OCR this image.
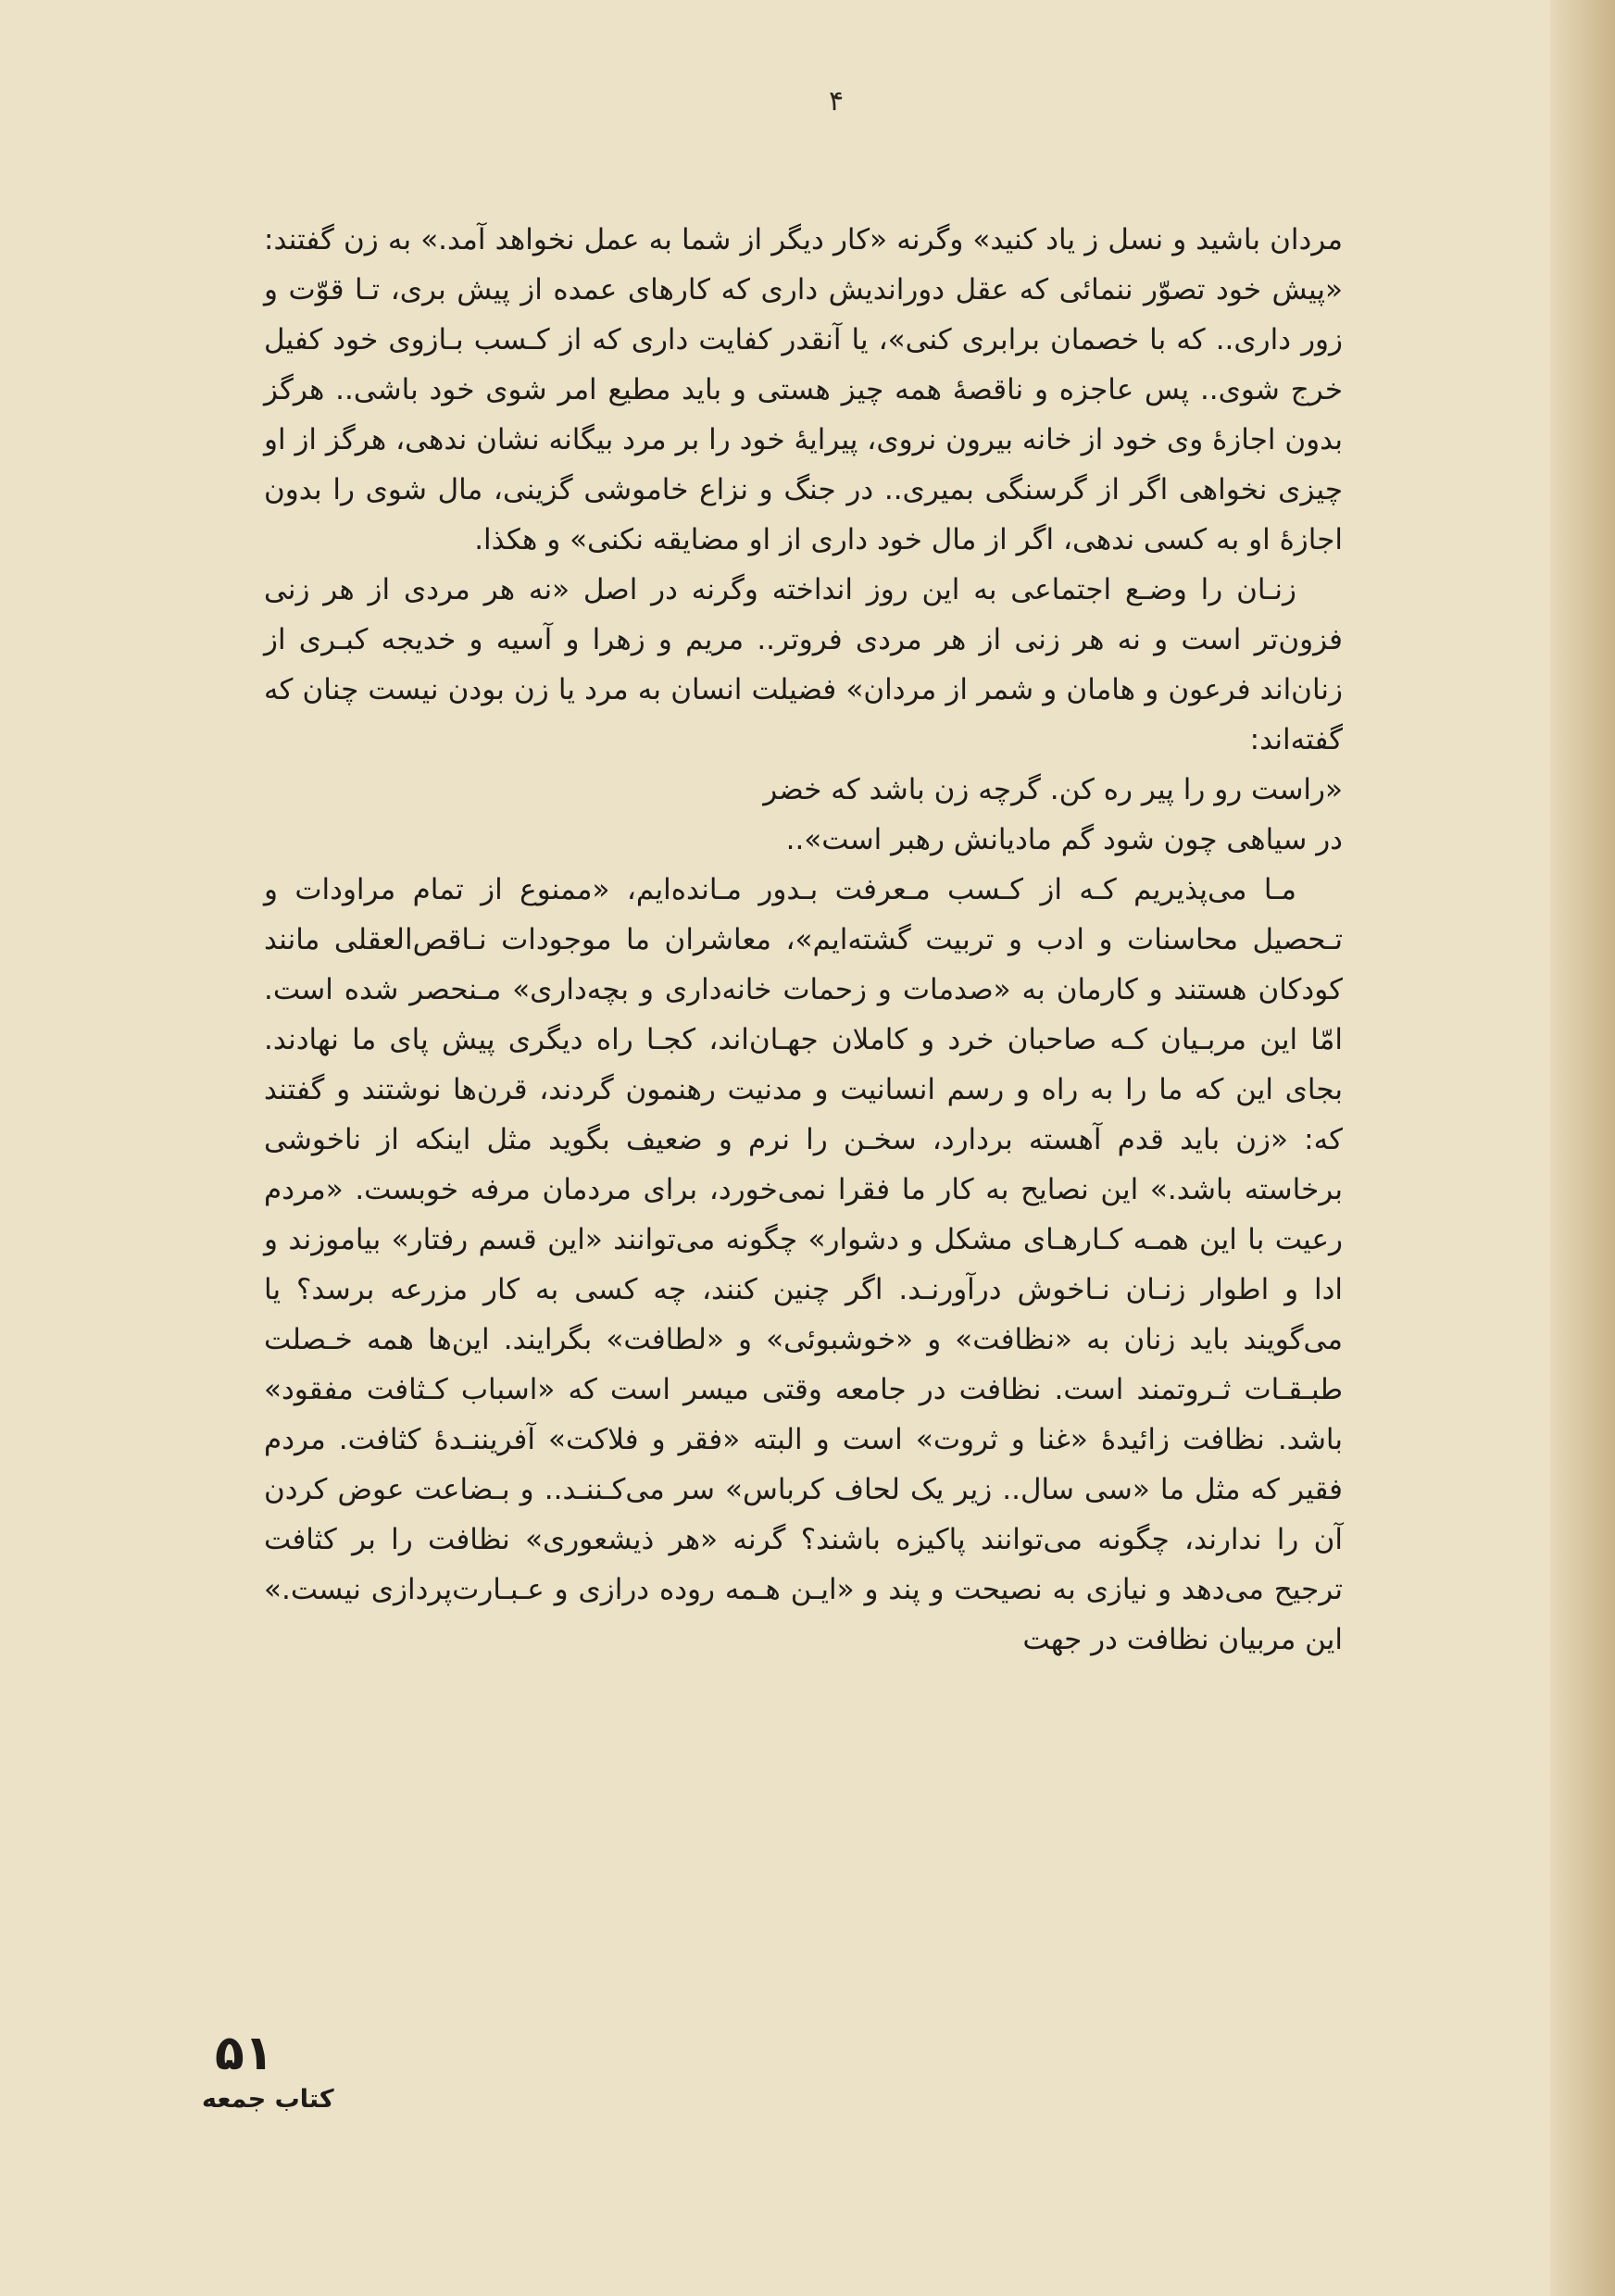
۴

مردان باشید و نسل ز یاد کنید» وگرنه «کار دیگر از شما به عمل نخواهد آمد.» به زن گفتند: «پیش خود تصوّر ننمائی که عقل دوراندیش داری که کارهای عمده از پیش بری، تـا قوّت و زور داری.. که با خصمان برابری کنی»، یا آنقدر کفایت داری که از کـسب بـازوی خود کفیل خرج شوی.. پس عاجزه و ناقصهٔ همه چیز هستی و باید مطیع امر شوی خود باشی.. هرگز بدون اجازهٔ وی خود از خانه بیرون نروی، پیرایهٔ خود را بر مرد بیگانه نشان ندهی، هرگز از او چیزی نخواهی اگر از گرسنگی بمیری.. در جنگ و نزاع خاموشی گزینی، مال شوی را بدون اجازهٔ او به کسی ندهی، اگر از مال خود داری از او مضایقه نکنی» و هکذا.

زنـان را وضـع اجتماعی به این روز انداخته وگرنه در اصل «نه هر مردی از هر زنی فزون‌تر است و نه هر زنی از هر مردی فروتر.. مریم و زهرا و آسیه و خدیجه کبـری از زنان‌اند فرعون و هامان و شمر از مردان» فضیلت انسان به مرد یا زن بودن نیست چنان که گفته‌اند:

«راست رو را پیر ره کن. گرچه زن باشد که خضر

در سیاهی چون شود گم مادیانش رهبر است»..

مـا می‌پذیریم کـه از کـسب مـعرفت بـدور مـانده‌ایم، «ممنوع از تمام مراودات و تـحصیل محاسنات و ادب و تربیت گشته‌ایم»، معاشران ما موجودات نـاقص‌العقلی مانند کودکان هستند و کارمان به «صدمات و زحمات خانه‌داری و بچه‌داری» مـنحصر شده است. امّا این مربـیان کـه صاحبان خرد و کاملان جهـان‌اند، کجـا راه دیگری پیش پای ما نهادند. بجای این که ما را به راه و رسم انسانیت و مدنیت رهنمون گردند، قرن‌ها نوشتند و گفتند که: «زن باید قدم آهسته بردارد، سخـن را نرم و ضعیف بگوید مثل اینکه از ناخوشی برخاسته باشد.» این نصایح به کار ما فقرا نمی‌خورد، برای مردمان مرفه خوبست. «مردم رعیت با این همـه کـارهـای مشکل و دشوار» چگونه می‌توانند «این قسم رفتار» بیاموزند و ادا و اطوار زنـان نـاخوش درآورنـد. اگر چنین کنند، چه کسی به کار مزرعه برسد؟ یا می‌گویند باید زنان به «نظافت» و «خوشبوئی» و «لطافت» بگرایند. این‌ها همه خـصلت طبـقـات ثـروتمند است. نظافت در جامعه وقتی میسر است که «اسباب کـثافت مفقود» باشد. نظافت زائیدهٔ «غنا و ثروت» است و البته «فقر و فلاکت» آفریننـدهٔ کثافت. مردم فقیر که مثل ما «سی سال.. زیر یک لحاف کرباس» سر می‌کـننـد.. و بـضاعت عوض کردن آن را ندارند، چگونه می‌توانند پاکیزه باشند؟ گرنه «هر ذیشعوری» نظافت را بر کثافت ترجیح می‌دهد و نیازی به نصیحت و پند و «ایـن هـمه روده درازی و عـبـارت‌پردازی نیست.» این مربیان نظافت در جهت

۵۱
کتاب جمعه
